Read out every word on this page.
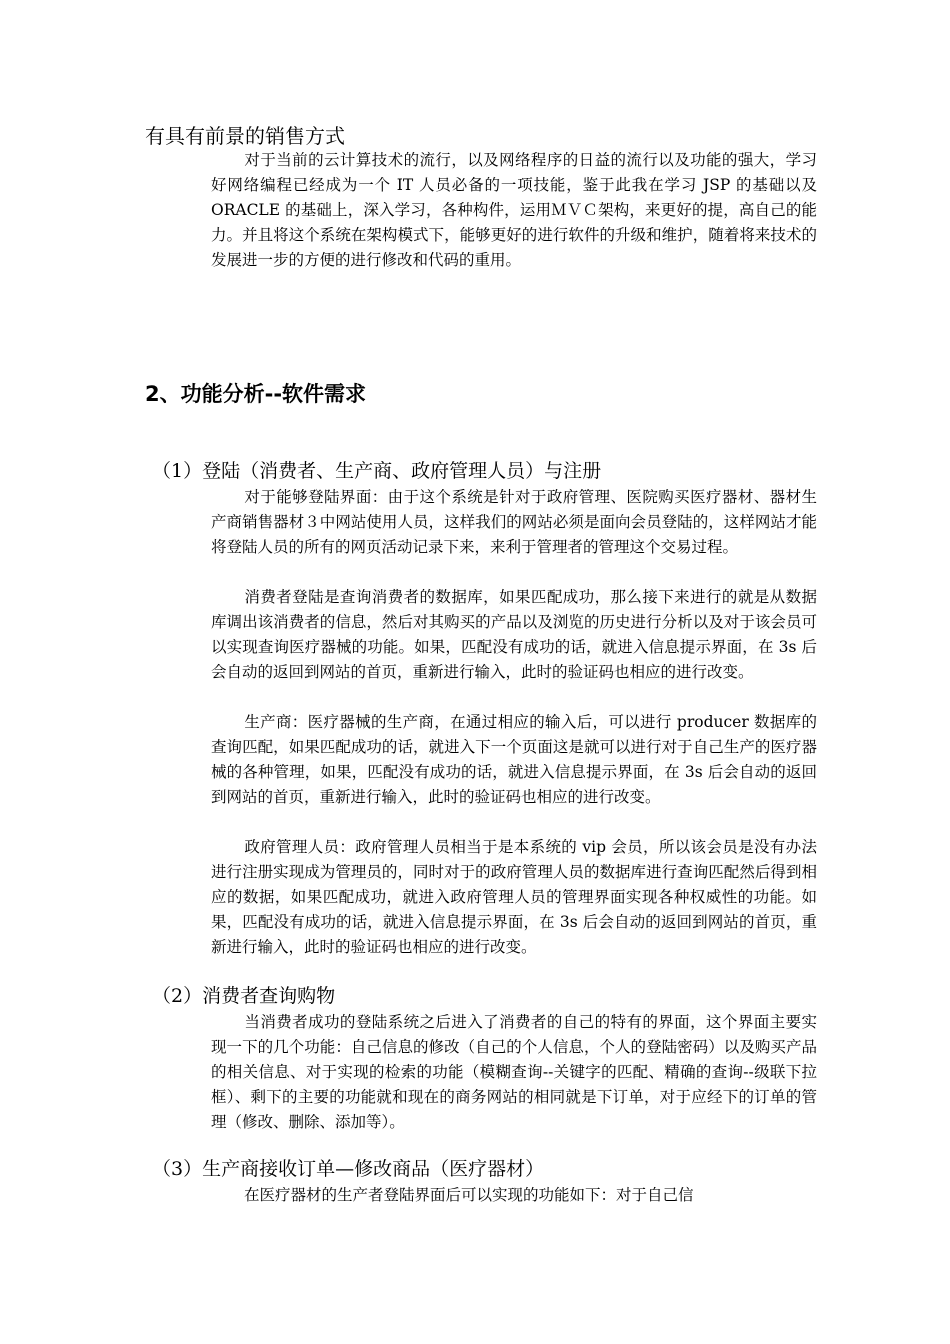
有具有前景的销售方式
对于当前的云计算技术的流行，以及网络程序的日益的流行以及功能的强大，学习好网络编程已经成为一个 IT 人员必备的一项技能，鉴于此我在学习 JSP 的基础以及 ORACLE 的基础上，深入学习，各种构件，运用ＭＶＣ架构，来更好的提，高自己的能力。并且将这个系统在架构模式下，能够更好的进行软件的升级和维护，随着将来技术的发展进一步的方便的进行修改和代码的重用。
2、功能分析--软件需求
（1）登陆（消费者、生产商、政府管理人员）与注册
对于能够登陆界面：由于这个系统是针对于政府管理、医院购买医疗器材、器材生产商销售器材３中网站使用人员，这样我们的网站必须是面向会员登陆的，这样网站才能将登陆人员的所有的网页活动记录下来，来利于管理者的管理这个交易过程。
消费者登陆是查询消费者的数据库，如果匹配成功，那么接下来进行的就是从数据库调出该消费者的信息，然后对其购买的产品以及浏览的历史进行分析以及对于该会员可以实现查询医疗器械的功能。如果，匹配没有成功的话，就进入信息提示界面，在 3s 后会自动的返回到网站的首页，重新进行输入，此时的验证码也相应的进行改变。
生产商：医疗器械的生产商，在通过相应的输入后，可以进行 producer 数据库的查询匹配，如果匹配成功的话，就进入下一个页面这是就可以进行对于自己生产的医疗器械的各种管理，如果，匹配没有成功的话，就进入信息提示界面，在 3s 后会自动的返回到网站的首页，重新进行输入，此时的验证码也相应的进行改变。
政府管理人员：政府管理人员相当于是本系统的 vip 会员，所以该会员是没有办法进行注册实现成为管理员的，同时对于的政府管理人员的数据库进行查询匹配然后得到相应的数据，如果匹配成功，就进入政府管理人员的管理界面实现各种权威性的功能。如果，匹配没有成功的话，就进入信息提示界面，在 3s 后会自动的返回到网站的首页，重新进行输入，此时的验证码也相应的进行改变。
（2）消费者查询购物
当消费者成功的登陆系统之后进入了消费者的自己的特有的界面，这个界面主要实现一下的几个功能：自己信息的修改（自己的个人信息，个人的登陆密码）以及购买产品的相关信息、对于实现的检索的功能（模糊查询--关键字的匹配、精确的查询--级联下拉框）、剩下的主要的功能就和现在的商务网站的相同就是下订单，对于应经下的订单的管理（修改、删除、添加等）。
（3）生产商接收订单—修改商品（医疗器材）
在医疗器材的生产者登陆界面后可以实现的功能如下：对于自己信
